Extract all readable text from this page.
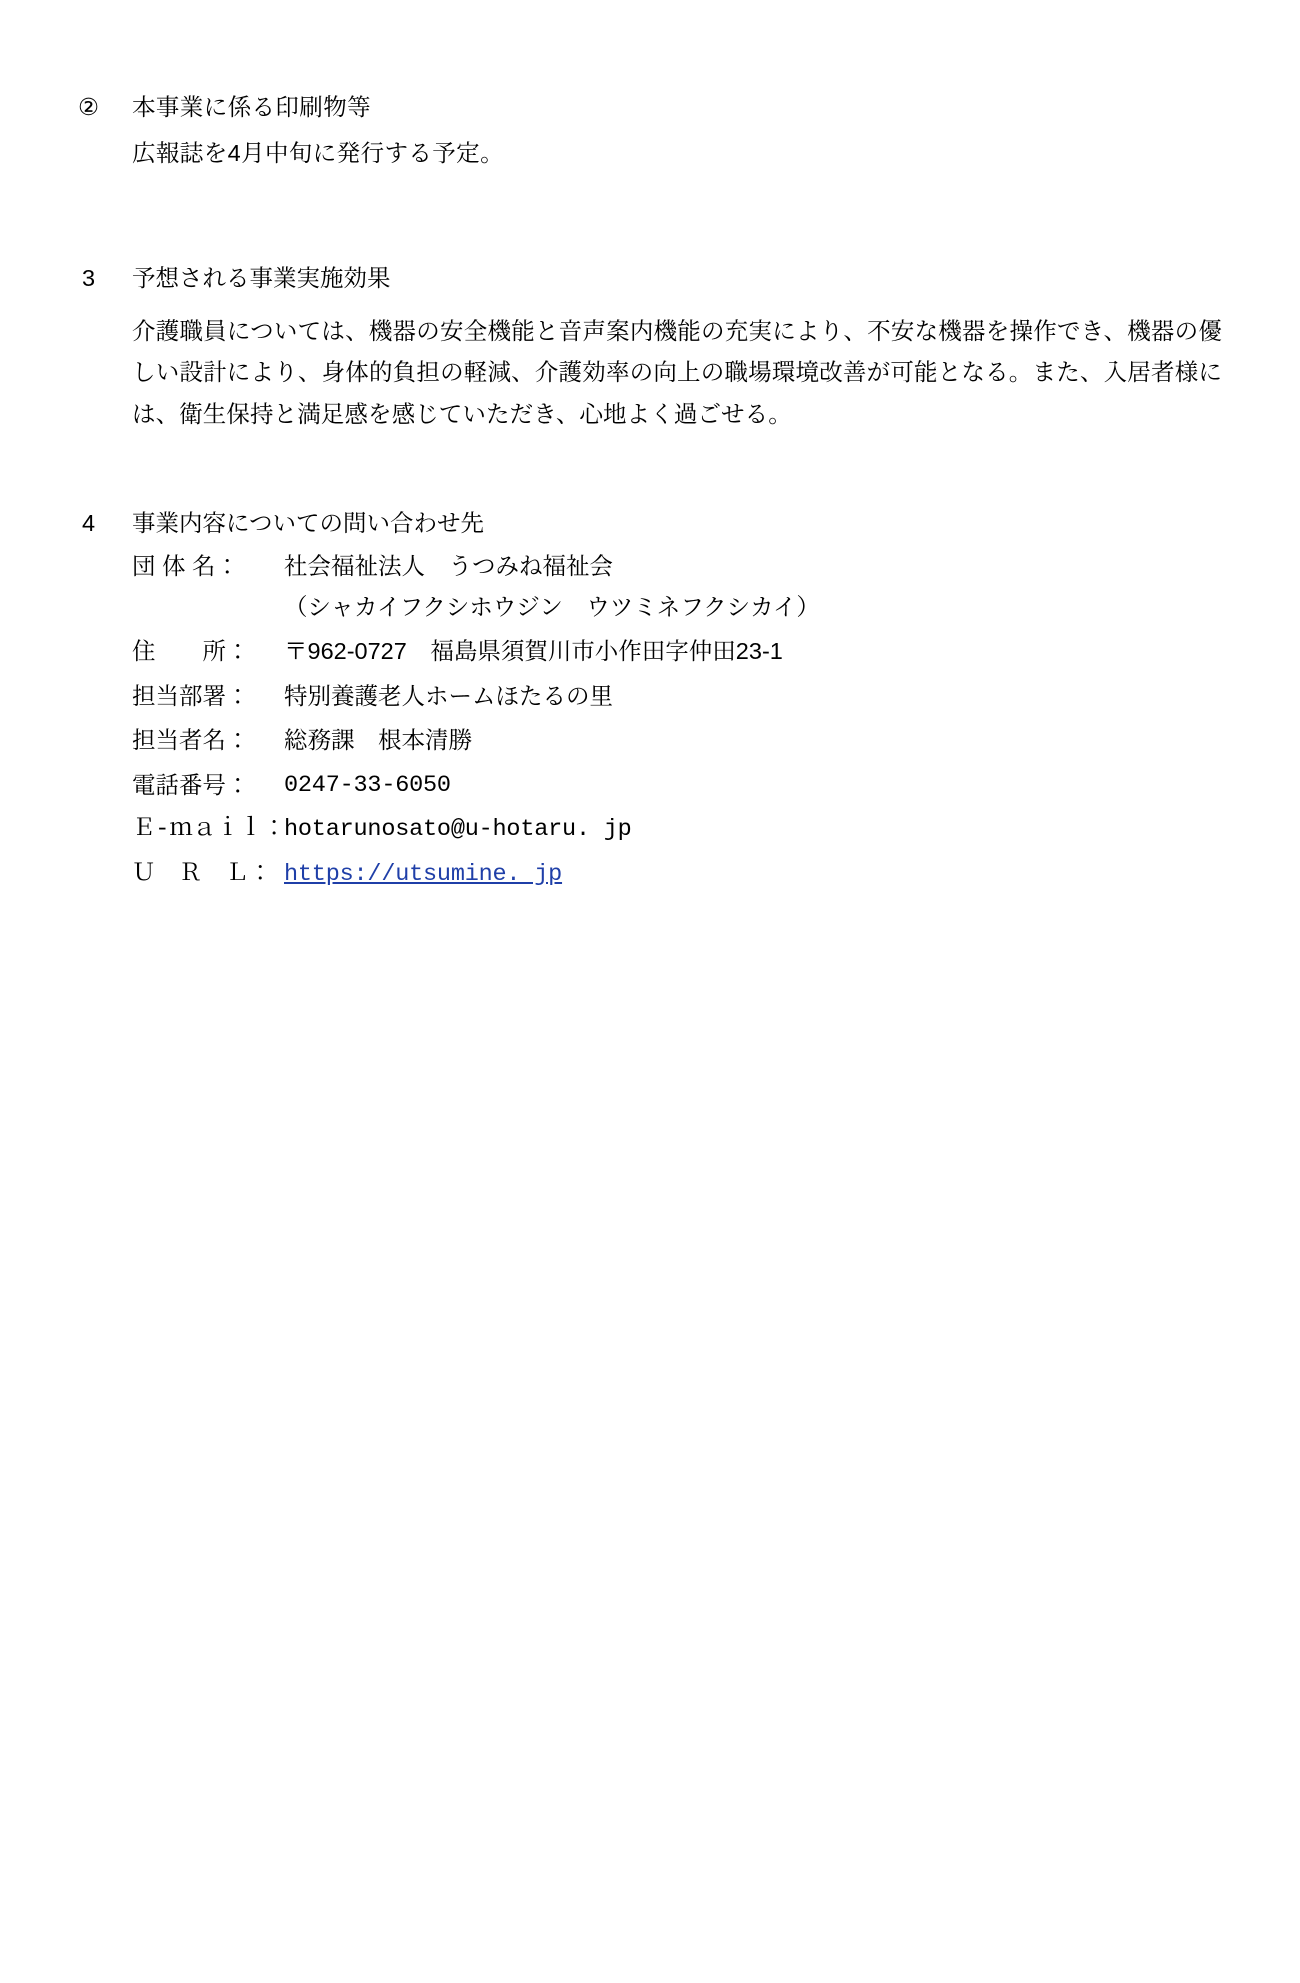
②	本事業に係る印刷物等
広報誌を4月中旬に発行する予定。
3	予想される事業実施効果
介護職員については、機器の安全機能と音声案内機能の充実により、不安な機器を操作でき、機器の優しい設計により、身体的負担の軽減、介護効率の向上の職場環境改善が可能となる。また、入居者様には、衛生保持と満足感を感じていただき、心地よく過ごせる。
4	事業内容についての問い合わせ先
団 体 名：	社会福祉法人　うつみね福祉会
（シャカイフクシホウジン　ウツミネフクシカイ）
住　　所：	〒962-0727　福島県須賀川市小作田字仲田23-1
担当部署：	特別養護老人ホームほたるの里
担当者名：	総務課　根本清勝
電話番号：	0247-33-6050
Ｅ-ｍａｉｌ：
hotarunosato@u-hotaru. jp
Ｕ　Ｒ　Ｌ： https://utsumine. jp
